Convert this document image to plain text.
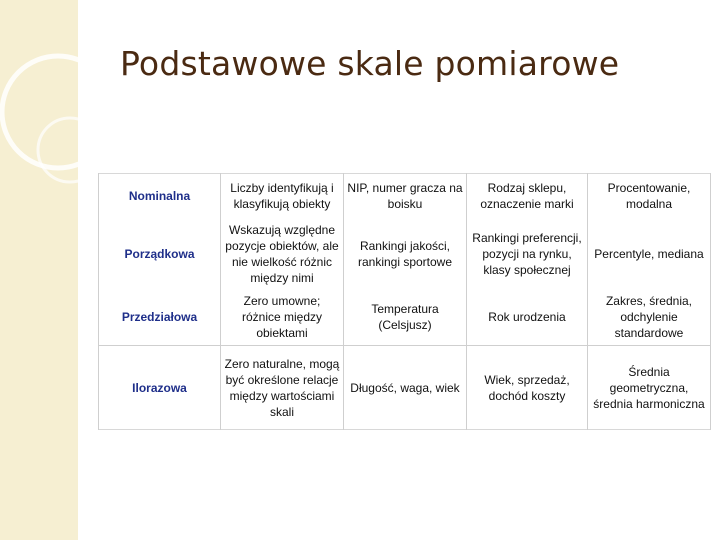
Podstawowe skale pomiarowe
Nominalna	Liczby identyfikują i klasyfikują obiekty	NIP, numer gracza na boisku	Rodzaj sklepu, oznaczenie marki	Procentowanie, modalna
Porządkowa	Wskazują względne pozycje obiektów, ale nie wielkość różnic między nimi	Rankingi jakości, rankingi sportowe	Rankingi preferencji, pozycji na rynku, klasy społecznej	Percentyle, mediana
Przedziałowa	Zero umowne; różnice między obiektami	Temperatura (Celsjusz)	Rok urodzenia	Zakres, średnia, odchylenie standardowe
Ilorazowa	Zero naturalne, mogą być określone relacje między wartościami skali	Długość, waga, wiek	Wiek, sprzedaż, dochód koszty	Średnia geometryczna, średnia harmoniczna
